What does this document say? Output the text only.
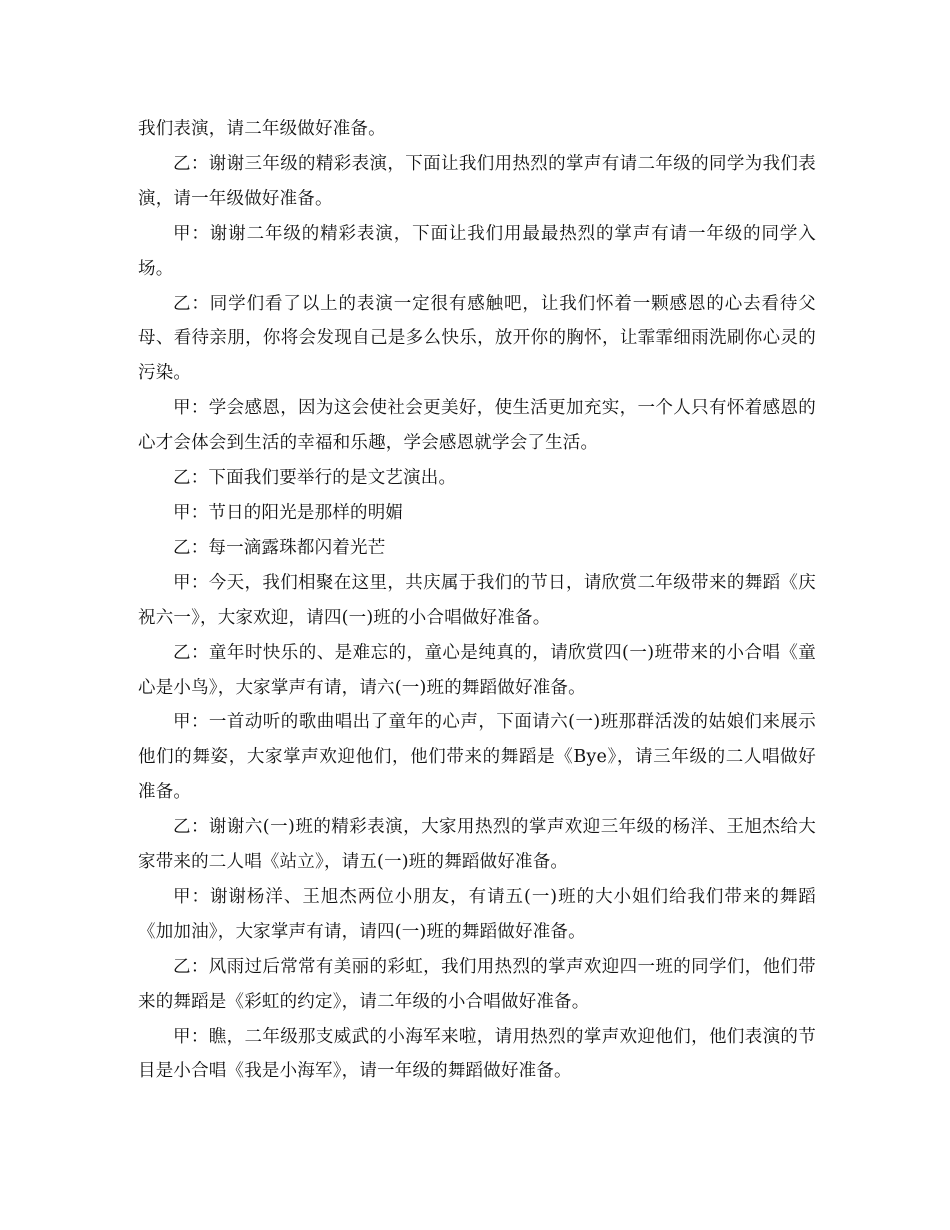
我们表演，请二年级做好准备。

乙：谢谢三年级的精彩表演，下面让我们用热烈的掌声有请二年级的同学为我们表演，请一年级做好准备。

甲：谢谢二年级的精彩表演，下面让我们用最最热烈的掌声有请一年级的同学入场。

乙：同学们看了以上的表演一定很有感触吧，让我们怀着一颗感恩的心去看待父母、看待亲朋，你将会发现自己是多么快乐，放开你的胸怀，让霏霏细雨洗刷你心灵的污染。

甲：学会感恩，因为这会使社会更美好，使生活更加充实，一个人只有怀着感恩的心才会体会到生活的幸福和乐趣，学会感恩就学会了生活。

乙：下面我们要举行的是文艺演出。

甲：节日的阳光是那样的明媚

乙：每一滴露珠都闪着光芒

甲：今天，我们相聚在这里，共庆属于我们的节日，请欣赏二年级带来的舞蹈《庆祝六一》，大家欢迎，请四(一)班的小合唱做好准备。

乙：童年时快乐的、是难忘的，童心是纯真的，请欣赏四(一)班带来的小合唱《童心是小鸟》，大家掌声有请，请六(一)班的舞蹈做好准备。

甲：一首动听的歌曲唱出了童年的心声，下面请六(一)班那群活泼的姑娘们来展示他们的舞姿，大家掌声欢迎他们，他们带来的舞蹈是《Bye》，请三年级的二人唱做好准备。

乙：谢谢六(一)班的精彩表演，大家用热烈的掌声欢迎三年级的杨洋、王旭杰给大家带来的二人唱《站立》，请五(一)班的舞蹈做好准备。

甲：谢谢杨洋、王旭杰两位小朋友，有请五(一)班的大小姐们给我们带来的舞蹈《加加油》，大家掌声有请，请四(一)班的舞蹈做好准备。

乙：风雨过后常常有美丽的彩虹，我们用热烈的掌声欢迎四一班的同学们，他们带来的舞蹈是《彩虹的约定》，请二年级的小合唱做好准备。

甲：瞧，二年级那支威武的小海军来啦，请用热烈的掌声欢迎他们，他们表演的节目是小合唱《我是小海军》，请一年级的舞蹈做好准备。
